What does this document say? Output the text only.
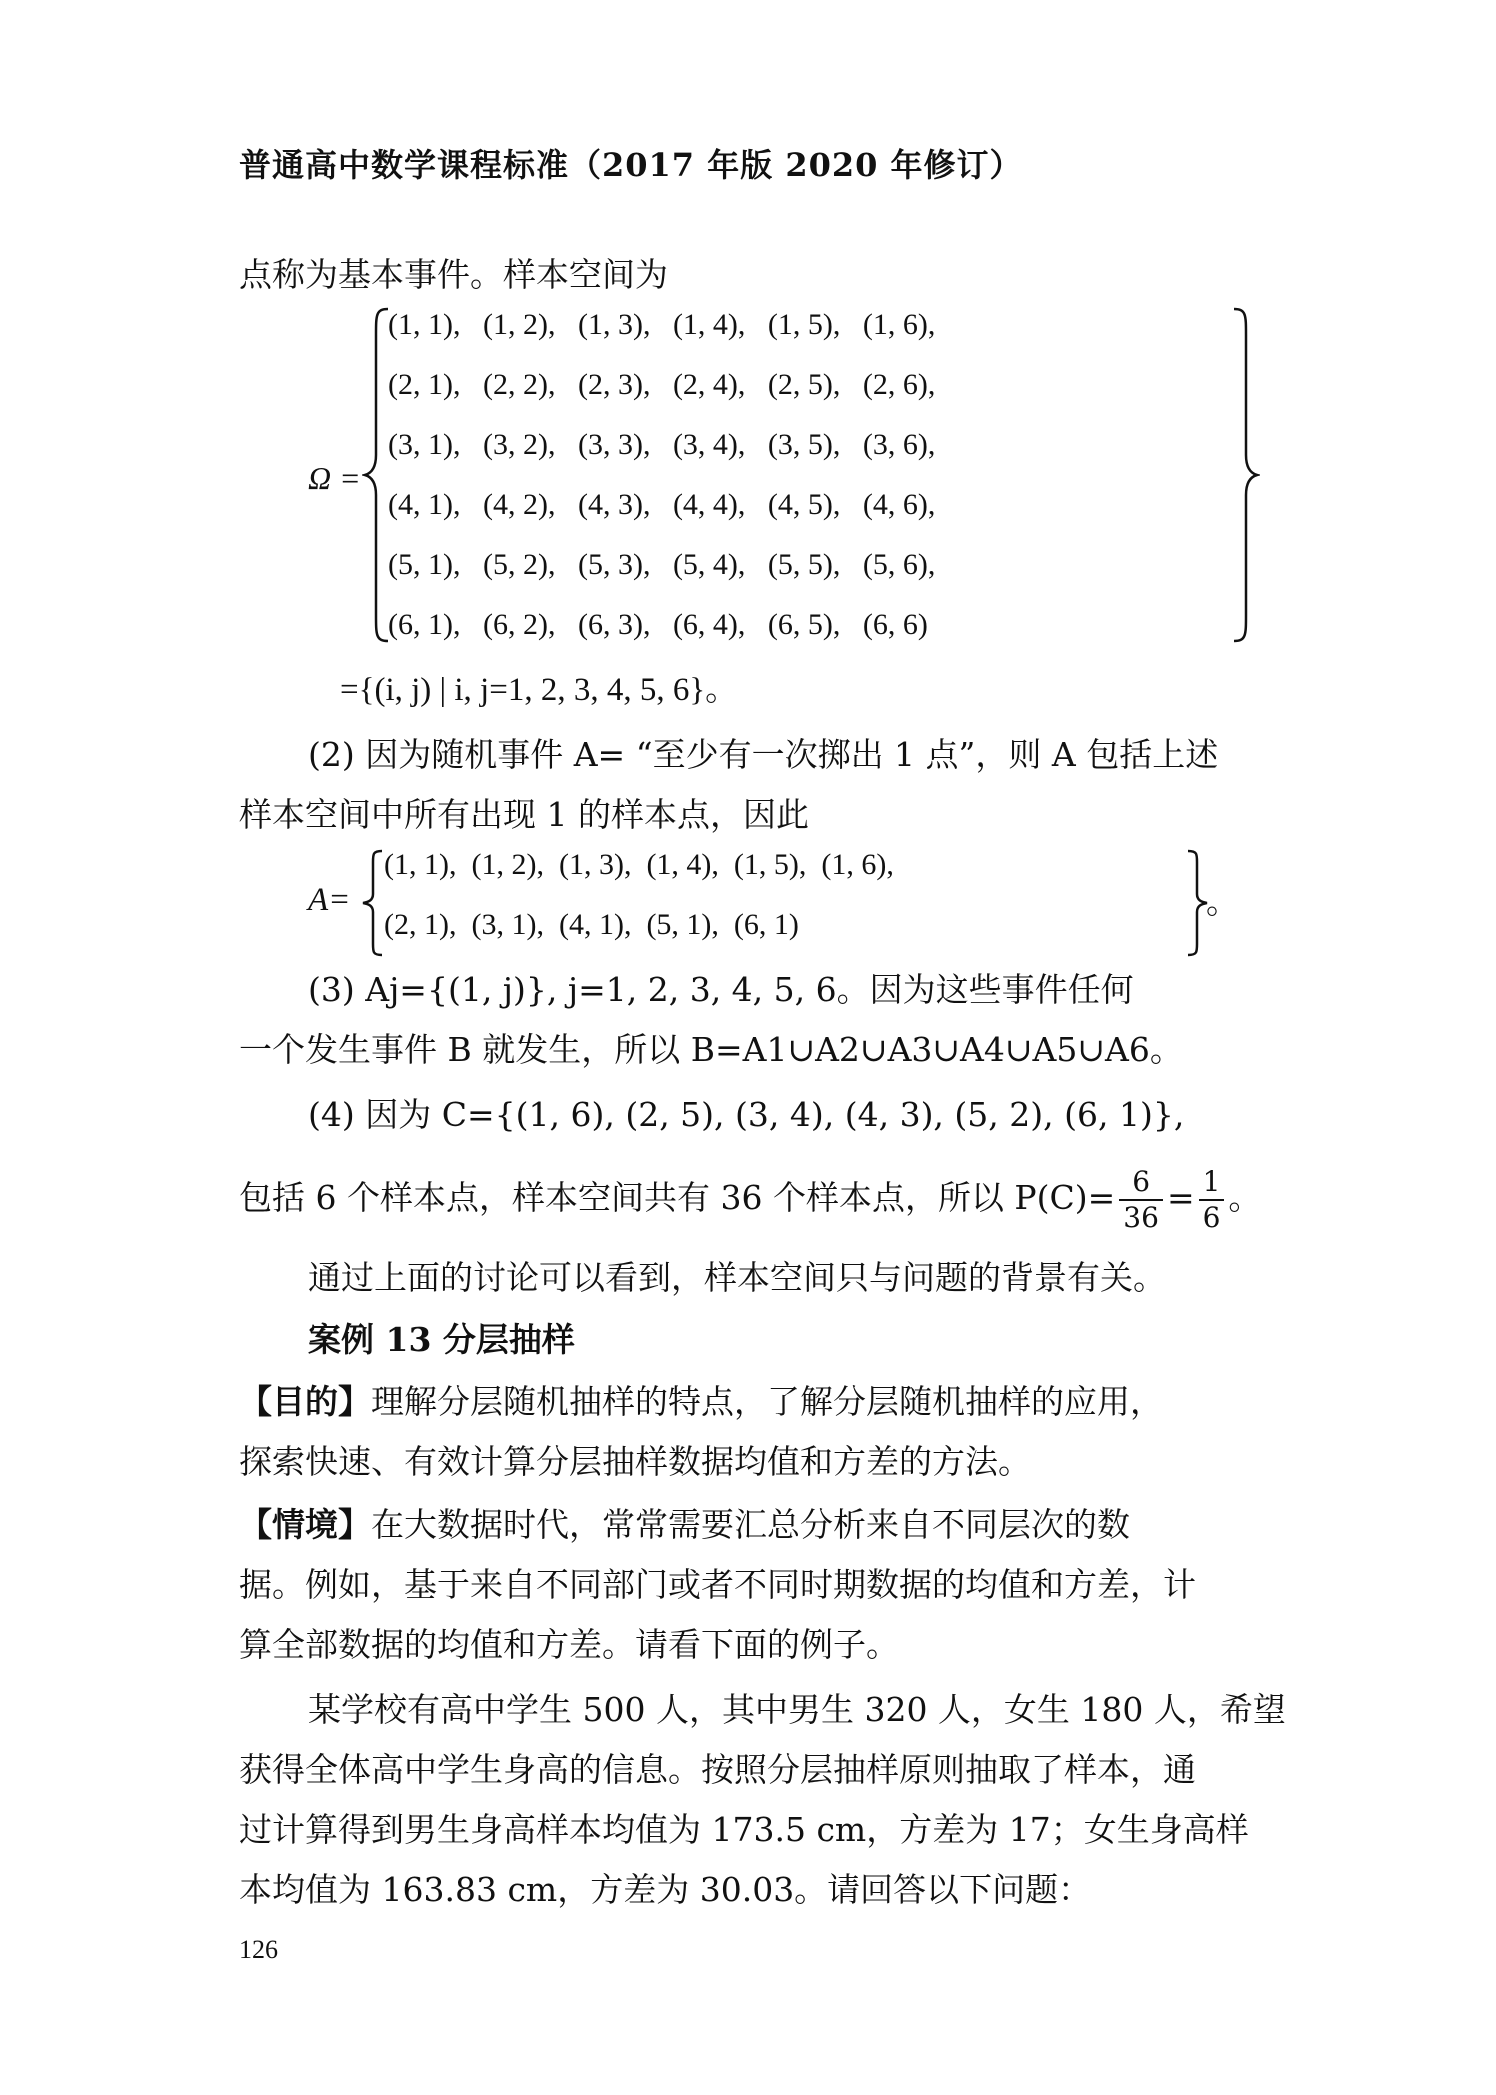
普通高中数学课程标准（2017 年版 2020 年修订）
点称为基本事件。样本空间为
Ω =
(1, 1),   (1, 2),   (1, 3),   (1, 4),   (1, 5),   (1, 6),
(2, 1),   (2, 2),   (2, 3),   (2, 4),   (2, 5),   (2, 6),
(3, 1),   (3, 2),   (3, 3),   (3, 4),   (3, 5),   (3, 6),
(4, 1),   (4, 2),   (4, 3),   (4, 4),   (4, 5),   (4, 6),
(5, 1),   (5, 2),   (5, 3),   (5, 4),   (5, 5),   (5, 6),
(6, 1),   (6, 2),   (6, 3),   (6, 4),   (6, 5),   (6, 6)
={(i, j) | i, j=1, 2, 3, 4, 5, 6}。
(2) 因为随机事件 A= “至少有一次掷出 1 点”，则 A 包括上述
样本空间中所有出现 1 的样本点，因此
A=
(1, 1),  (1, 2),  (1, 3),  (1, 4),  (1, 5),  (1, 6),
(2, 1),  (3, 1),  (4, 1),  (5, 1),  (6, 1)
。
(3) Aj={(1, j)}, j=1, 2, 3, 4, 5, 6。因为这些事件任何
一个发生事件 B 就发生，所以 B=A1∪A2∪A3∪A4∪A5∪A6。
(4) 因为 C={(1, 6), (2, 5), (3, 4), (4, 3), (5, 2), (6, 1)},
包括 6 个样本点，样本空间共有 36 个样本点，所以 $P(C)= \frac{6}{36} = \frac{1}{6}$ 。
通过上面的讨论可以看到，样本空间只与问题的背景有关。
案例 13 分层抽样
【目的】理解分层随机抽样的特点，了解分层随机抽样的应用，
探索快速、有效计算分层抽样数据均值和方差的方法。
【情境】在大数据时代，常常需要汇总分析来自不同层次的数
据。例如，基于来自不同部门或者不同时期数据的均值和方差，计
算全部数据的均值和方差。请看下面的例子。
某学校有高中学生 500 人，其中男生 320 人，女生 180 人，希望
获得全体高中学生身高的信息。按照分层抽样原则抽取了样本，通
过计算得到男生身高样本均值为 173.5 cm，方差为 17；女生身高样
本均值为 163.83 cm，方差为 30.03。请回答以下问题：
126
